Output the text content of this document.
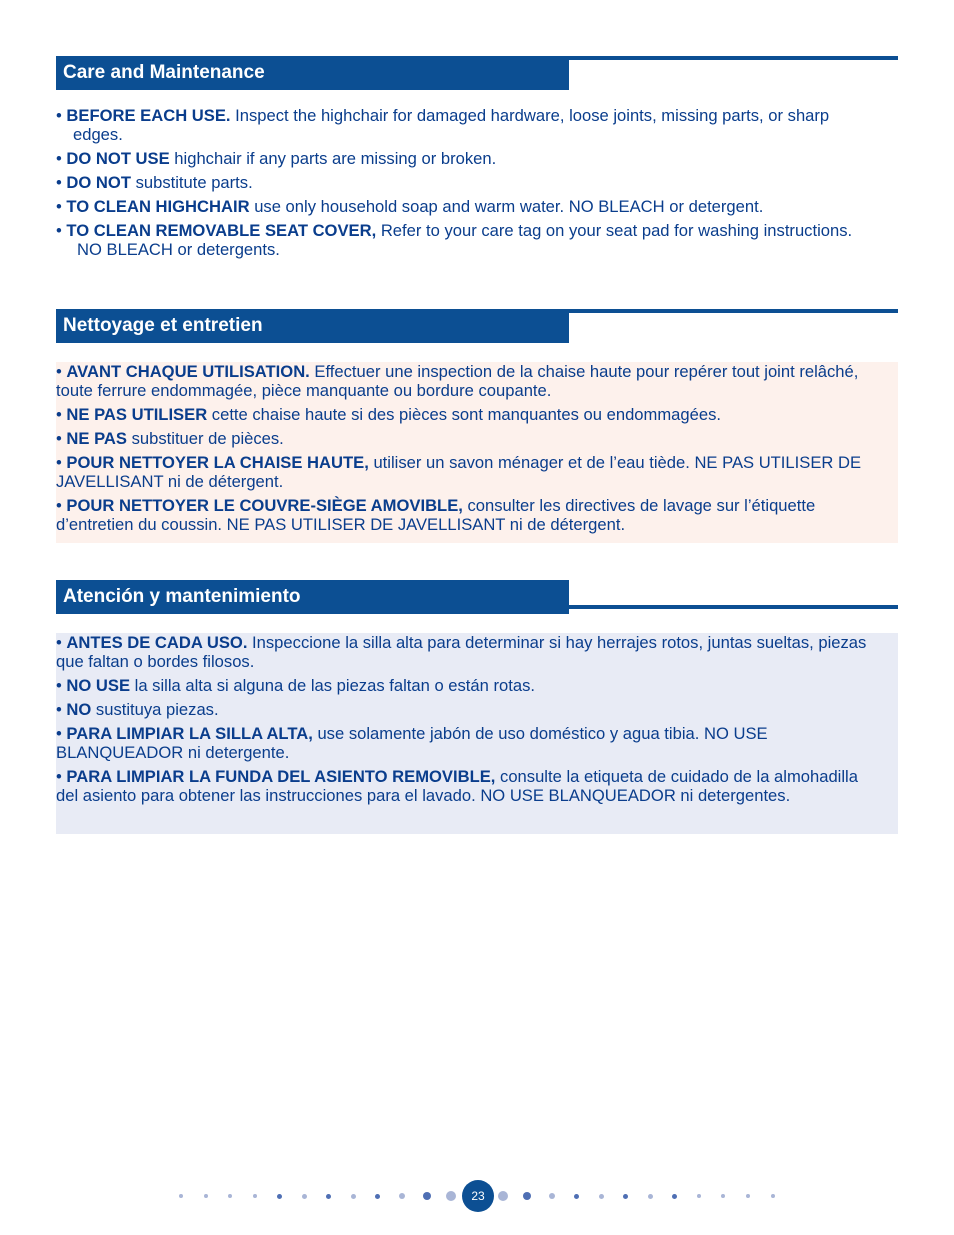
Care and Maintenance
• BEFORE EACH USE. Inspect the highchair for damaged hardware, loose joints, missing parts, or sharp edges.
• DO NOT USE highchair if any parts are missing or broken.
• DO NOT substitute parts.
• TO CLEAN HIGHCHAIR use only household soap and warm water. NO BLEACH or detergent.
• TO CLEAN REMOVABLE SEAT COVER, Refer to your care tag on your seat pad for washing instructions. NO BLEACH or detergents.
Nettoyage et entretien
• AVANT CHAQUE UTILISATION. Effectuer une inspection de la chaise haute pour repérer tout joint relâché, toute ferrure endommagée, pièce manquante ou bordure coupante.
• NE PAS UTILISER cette chaise haute si des pièces sont manquantes ou endommagées.
• NE PAS substituer de pièces.
• POUR NETTOYER LA CHAISE HAUTE, utiliser un savon ménager et de l’eau tiède. NE PAS UTILISER DE JAVELLISANT ni de détergent.
• POUR NETTOYER LE COUVRE-SIÈGE AMOVIBLE, consulter les directives de lavage sur l’étiquette d’entretien du coussin. NE PAS UTILISER DE JAVELLISANT ni de détergent.
Atención y mantenimiento
• ANTES DE CADA USO. Inspeccione la silla alta para determinar si hay herrajes rotos, juntas sueltas, piezas que faltan o bordes filosos.
• NO USE la silla alta si alguna de las piezas faltan o están rotas.
• NO sustituya piezas.
• PARA LIMPIAR LA SILLA ALTA, use solamente jabón de uso doméstico y agua tibia. NO USE BLANQUEADOR ni detergente.
• PARA LIMPIAR LA FUNDA DEL ASIENTO REMOVIBLE, consulte la etiqueta de cuidado de la almohadilla del asiento para obtener las instrucciones para el lavado. NO USE BLANQUEADOR ni detergentes.
23
